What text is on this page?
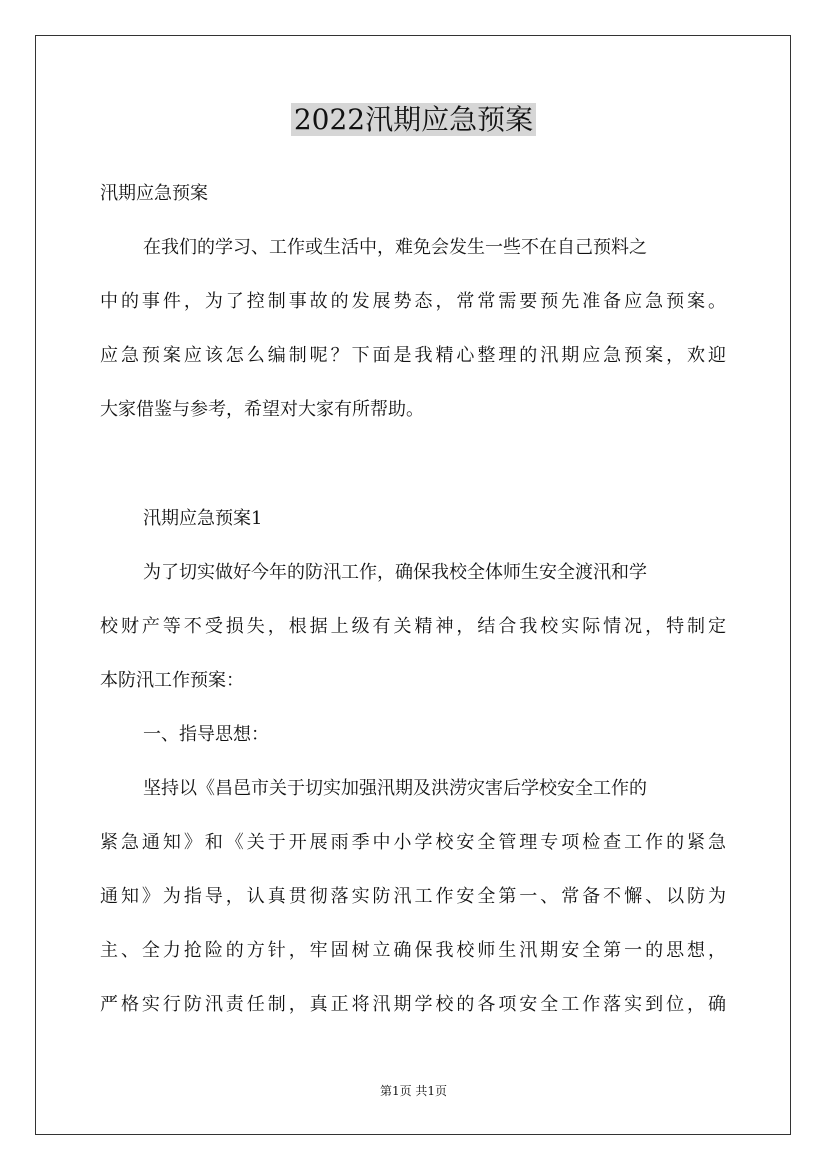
2022汛期应急预案
汛期应急预案
在我们的学习、工作或生活中，难免会发生一些不在自己预料之
中的事件，为了控制事故的发展势态，常常需要预先准备应急预案。
应急预案应该怎么编制呢？下面是我精心整理的汛期应急预案，欢迎
大家借鉴与参考，希望对大家有所帮助。
汛期应急预案1
为了切实做好今年的防汛工作，确保我校全体师生安全渡汛和学
校财产等不受损失，根据上级有关精神，结合我校实际情况，特制定
本防汛工作预案：
一、指导思想：
坚持以《昌邑市关于切实加强汛期及洪涝灾害后学校安全工作的
紧急通知》和《关于开展雨季中小学校安全管理专项检查工作的紧急
通知》为指导，认真贯彻落实防汛工作安全第一、常备不懈、以防为
主、全力抢险的方针，牢固树立确保我校师生汛期安全第一的思想，
严格实行防汛责任制，真正将汛期学校的各项安全工作落实到位，确
第1页 共1页
